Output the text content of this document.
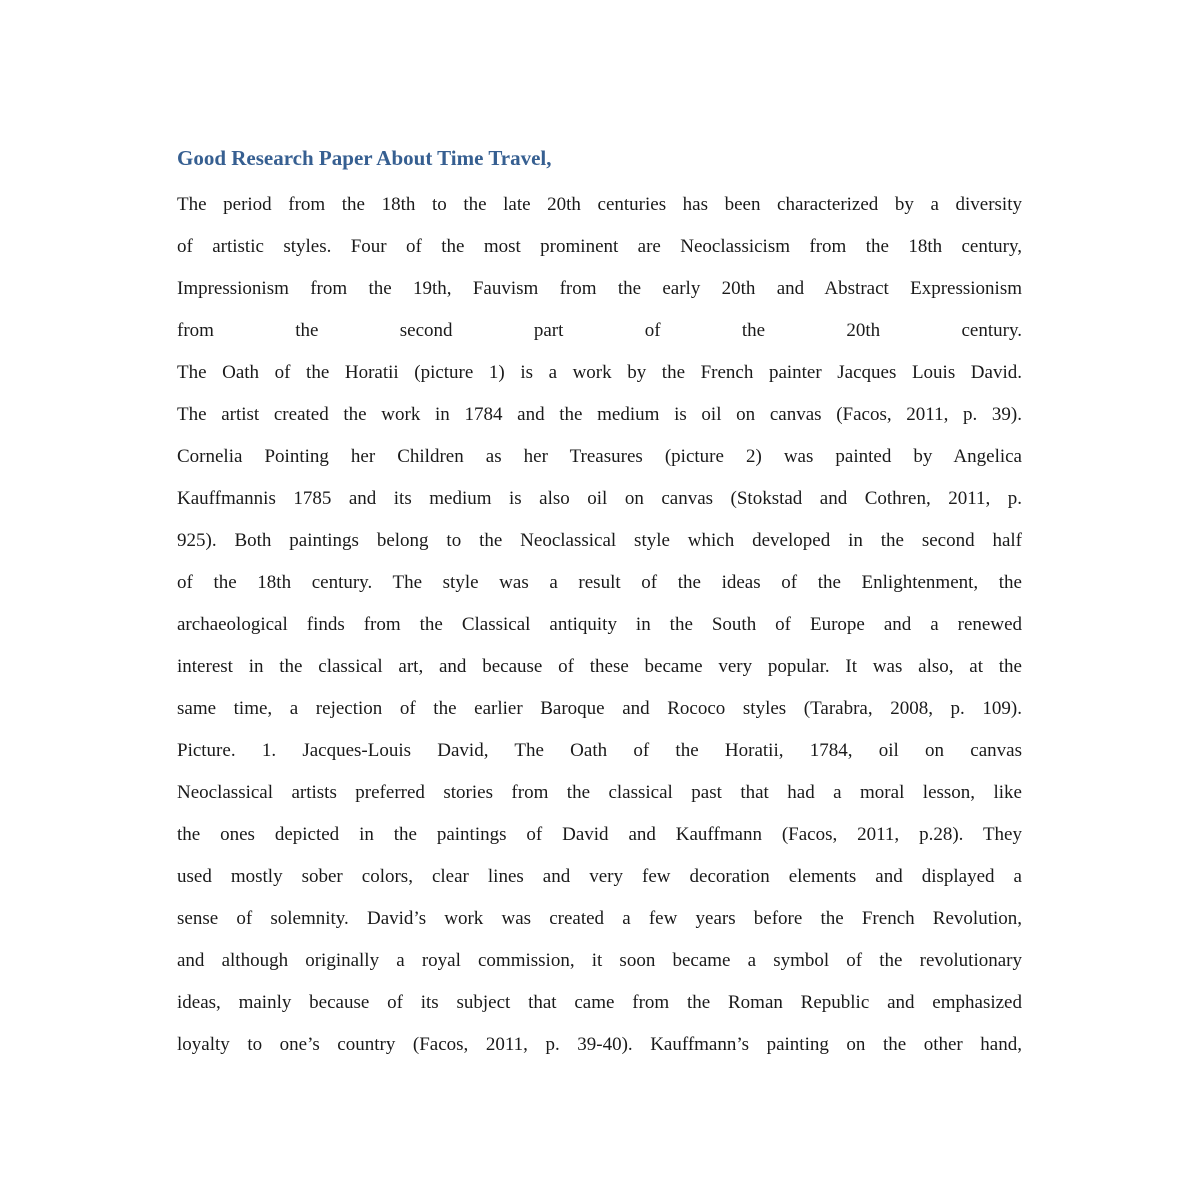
Good Research Paper About Time Travel,
The period from the 18th to the late 20th centuries has been characterized by a diversity
of artistic styles. Four of the most prominent are Neoclassicism from the 18th century,
Impressionism from the 19th, Fauvism from the early 20th and Abstract Expressionism
from the second part of the 20th century.
The Oath of the Horatii (picture 1) is a work by the French painter Jacques Louis David.
The artist created the work in 1784 and the medium is oil on canvas (Facos, 2011, p. 39).
Cornelia Pointing her Children as her Treasures (picture 2) was painted by Angelica
Kauffmannis 1785 and its medium is also oil on canvas (Stokstad and Cothren, 2011, p.
925). Both paintings belong to the Neoclassical style which developed in the second half
of the 18th century. The style was a result of the ideas of the Enlightenment, the
archaeological finds from the Classical antiquity in the South of Europe and a renewed
interest in the classical art, and because of these became very popular. It was also, at the
same time, a rejection of the earlier Baroque and Rococo styles (Tarabra, 2008, p. 109).
Picture. 1. Jacques-Louis David, The Oath of the Horatii, 1784, oil on canvas
Neoclassical artists preferred stories from the classical past that had a moral lesson, like
the ones depicted in the paintings of David and Kauffmann (Facos, 2011, p.28). They
used mostly sober colors, clear lines and very few decoration elements and displayed a
sense of solemnity. David’s work was created a few years before the French Revolution,
and although originally a royal commission, it soon became a symbol of the revolutionary
ideas, mainly because of its subject that came from the Roman Republic and emphasized
loyalty to one’s country (Facos, 2011, p. 39-40). Kauffmann’s painting on the other hand,
